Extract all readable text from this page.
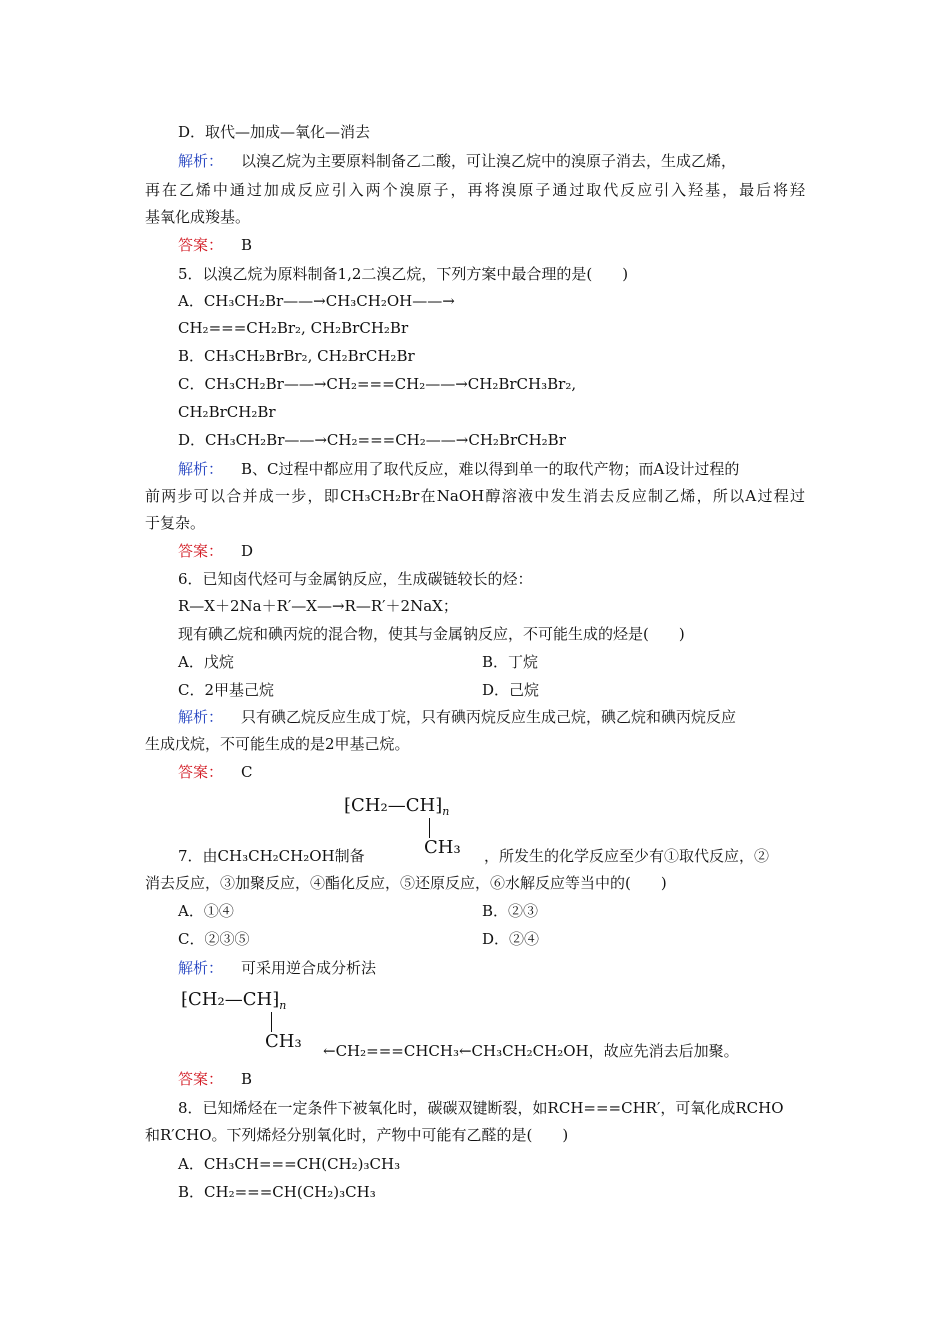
D．取代—加成—氧化—消去
解析： 以溴乙烷为主要原料制备乙二酸，可让溴乙烷中的溴原子消去，生成乙烯，
再在乙烯中通过加成反应引入两个溴原子，再将溴原子通过取代反应引入羟基，最后将羟
基氧化成羧基。
答案： B
5．以溴乙烷为原料制备1,2二溴乙烷，下列方案中最合理的是(　　)
A．CH₃CH₂Br——→CH₃CH₂OH——→
CH₂===CH₂Br₂, CH₂BrCH₂Br
B．CH₃CH₂BrBr₂, CH₂BrCH₂Br
C．CH₃CH₂Br——→CH₂===CH₂——→CH₂BrCH₃Br₂,
CH₂BrCH₂Br
D．CH₃CH₂Br——→CH₂===CH₂——→CH₂BrCH₂Br
解析： B、C过程中都应用了取代反应，难以得到单一的取代产物；而A设计过程的
前两步可以合并成一步，即CH₃CH₂Br在NaOH醇溶液中发生消去反应制乙烯，所以A过程过
于复杂。
答案： D
6．已知卤代烃可与金属钠反应，生成碳链较长的烃：
R—X＋2Na＋R′—X—→R—R′＋2NaX；
现有碘乙烷和碘丙烷的混合物，使其与金属钠反应，不可能生成的烃是(　　)
A．戊烷	B．丁烷
C．2甲基己烷	D．己烷
解析： 只有碘乙烷反应生成丁烷，只有碘丙烷反应生成己烷，碘乙烷和碘丙烷反应
生成戊烷，不可能生成的是2甲基己烷。
答案： C
$⁅CH_2—CH⁆_n$
CH₃
7．由CH₃CH₂CH₂OH制备	，所发生的化学反应至少有①取代反应，②
消去反应，③加聚反应，④酯化反应，⑤还原反应，⑥水解反应等当中的(　　)
A．①④	B．②③
C．②③⑤	D．②④
解析： 可采用逆合成分析法
$⁅CH_2—CH⁆_n$
CH₃ ←CH₂===CHCH₃←CH₃CH₂CH₂OH，故应先消去后加聚。
答案： B
8．已知烯烃在一定条件下被氧化时，碳碳双键断裂，如RCH===CHR′，可氧化成RCHO
和R′CHO。下列烯烃分别氧化时，产物中可能有乙醛的是(　　)
A．CH₃CH===CH(CH₂)₃CH₃
B．CH₂===CH(CH₂)₃CH₃
